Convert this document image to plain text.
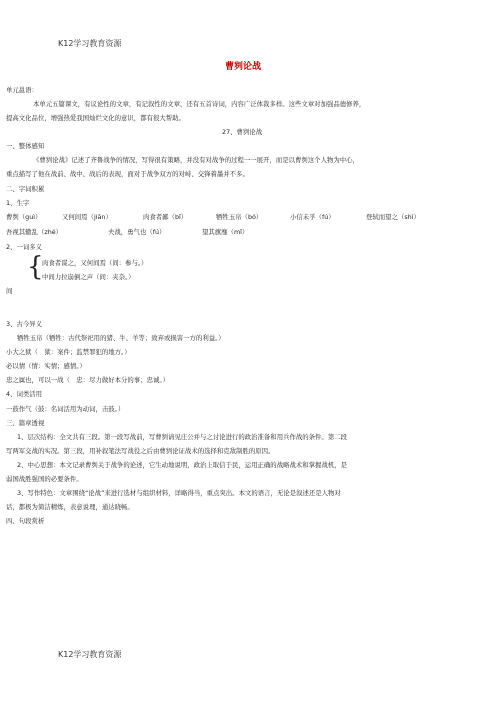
K12学习教育资源
曹刿论战
单元邕语：
本单元五篇课文，有议论性的文章，有记叙性的文章，还有五首诗词，内容广泛体裁多样。这些文章对加强品德修养，
提高文化品位，增强热爱我国灿烂文化的意识，都有很大帮助。
27、曹刿论战
一、整体感知
《曹刿论战》记述了齐鲁战争的情况，写得很有策略，并没有对战争的过程一一展开，而是以曹刿这个人物为中心，
重点描写了他在战前、战中、战后的表现，面对于战争双方的对峙、交锋着墨并不多。
二、字词积累
1、生字
曹刿（guì）	又何间焉（jiān）	肉食者鄙（bǐ）	牺牲玉帛（bó）	小信未孚（fú）	登轼而望之（shì）
吾视其辙乱（zhé）	夫战，勇气也（fú）	望其旗靡（mǐ）
2、一词多义
{
肉食者谋之，又何间焉（间：参与。）
中间力拉崩倒之声（间：夹杂。）
间
3、古今异义
牺牲玉帛（牺牲：古代祭祀用的猪、牛、羊等；致弃或损害一方的利益。）
小大之狱（　狱：案件；监禁罪犯的地方。）
必以情（情：实情；感情。）
忠之属也，可以一战（　忠：尽力做好本分的事；忠诚。）
4、词类活用
一鼓作气（鼓：名词活用为动词，击鼓。）
三、篇章透视
1、层次结构：全文共有三段。第一段写战前，写曹刿请见庄公并与之讨论进行的政治准备和用兵作战的条件。第二段
写两军交战的实况。第三段，用补叙笔法写战役之后由曹刿论证战术的选择和克敌制胜的原因。
2、中心思想：本文记录曹刿关于战争的论述，它生动地说明，政治上取信于民，运用正确的战略战术和掌握战机，是
弱国战胜强国的必要条件。
3、写作特色：文章围绕“论战”来进行选材与组织材料，详略得当，重点突出。本文的语言，无论是叙述还是人物对
话，都极为简洁精炼，表意说理，通达晓畅。
四、句段赏析
K12学习教育资源
